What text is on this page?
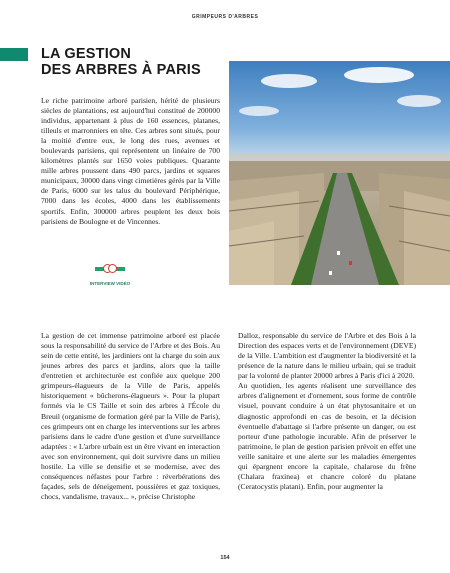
GRIMPEURS D'ARBRES
LA GESTION
DES ARBRES À PARIS

Le riche patrimoine arboré parisien, hérité de plusieurs siècles de plantations, est aujourd'hui constitué de 200000 individus, appartenant à plus de 160 essences, platanes, tilleuls et marronniers en tête. Ces arbres sont situés, pour la moitié d'entre eux, le long des rues, avenues et boulevards parisiens, qui représentent un linéaire de 700 kilomètres plantés sur 1650 voies publiques. Quarante mille arbres poussent dans 490 parcs, jardins et squares municipaux, 30000 dans vingt cimetières gérés par la Ville de Paris, 6000 sur les talus du boulevard Périphérique, 7000 dans les écoles, 4000 dans les établissements sportifs. Enfin, 300000 arbres peuplent les deux bois parisiens de Boulogne et de Vincennes.

INTERVIEW VIDÉO

La gestion de cet immense patrimoine arboré est placée sous la responsabilité du service de l'Arbre et des Bois. Au sein de cette entité, les jardiniers ont la charge du soin aux jeunes arbres des parcs et jardins, alors que la taille d'entretien et architecturée est confiée aux quelque 200 grimpeurs-élagueurs de la Ville de Paris, appelés historiquement « bûcherons-élagueurs ». Pour la plupart formés via le CS Taille et soin des arbres à l'École du Breuil (organisme de formation géré par la Ville de Paris), ces grimpeurs ont en charge les interventions sur les arbres parisiens dans le cadre d'une gestion et d'une surveillance adaptées : « L'arbre urbain est un être vivant en interaction avec son environnement, qui doit survivre dans un milieu hostile. La ville se densifie et se modernise, avec des conséquences néfastes pour l'arbre : réverbérations des façades, sels de déneigement, poussières et gaz toxiques, chocs, vandalisme, travaux... », précise Christophe

Dalloz, responsable du service de l'Arbre et des Bois à la Direction des espaces verts et de l'environnement (DEVE) de la Ville. L'ambition est d'augmenter la biodiversité et la présence de la nature dans le milieu urbain, qui se traduit par la volonté de planter 20000 arbres à Paris d'ici à 2020.

Au quotidien, les agents réalisent une surveillance des arbres d'alignement et d'ornement, sous forme de contrôle visuel, pouvant conduire à un état phytosanitaire et un diagnostic approfondi en cas de besoin, et la décision éventuelle d'abattage si l'arbre présente un danger, ou est porteur d'une pathologie incurable. Afin de préserver le patrimoine, le plan de gestion parisien prévoit en effet une veille sanitaire et une alerte sur les maladies émergentes qui épargnent encore la capitale, chalarose du frêne (Chalara fraxinea) et chancre coloré du platane (Ceratocystis platani). Enfin, pour augmenter la

154
